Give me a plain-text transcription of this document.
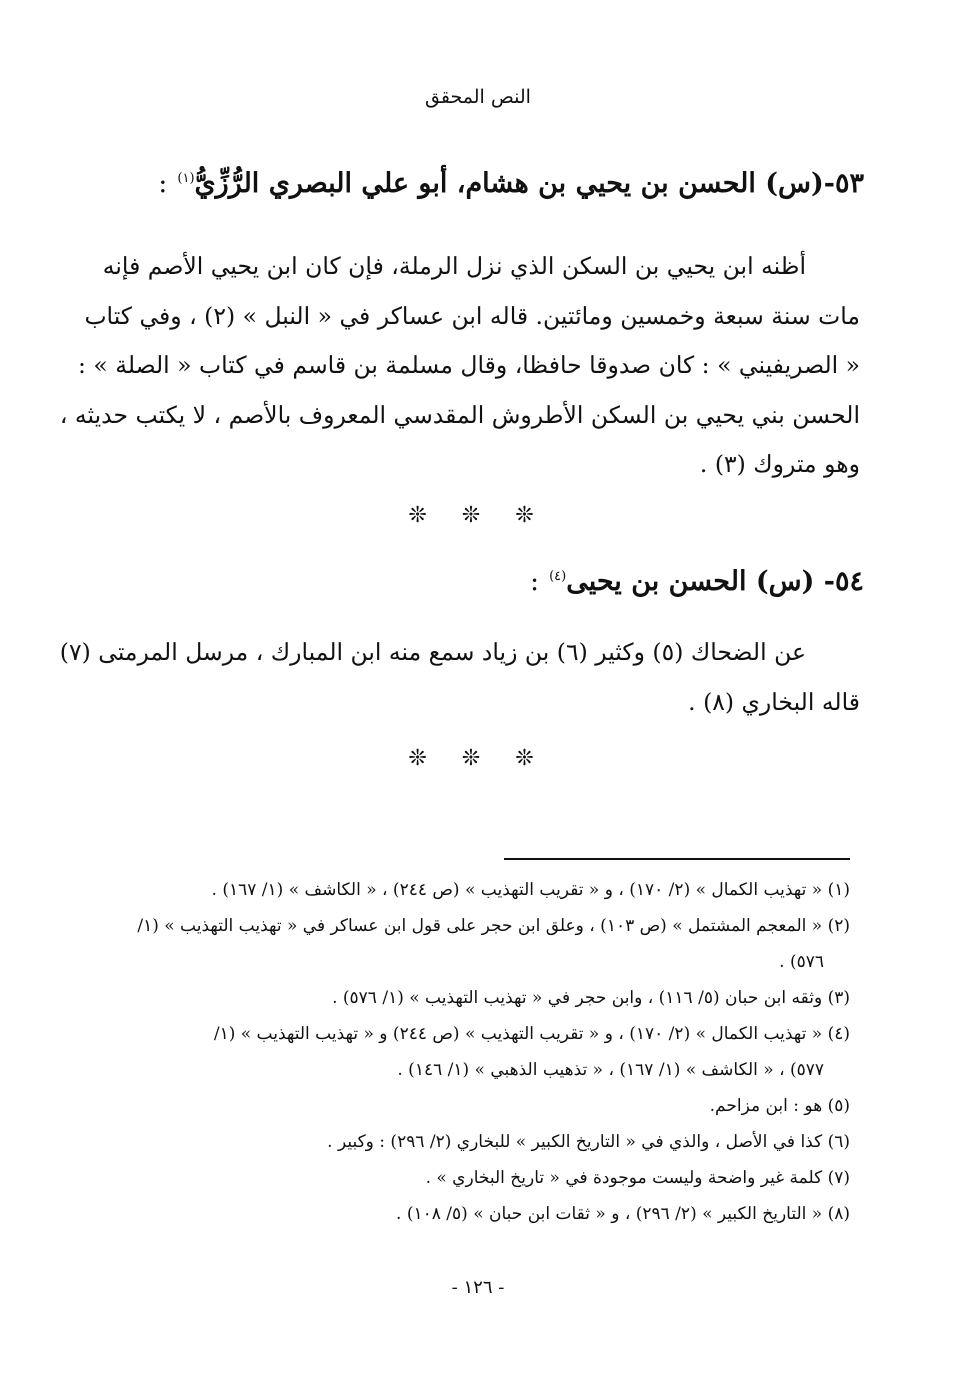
النص المحقق
٥٣-(س) الحسن بن يحيي بن هشام، أبو علي البصري الرُّزِّيُّ$^{(١)}$:
أظنه ابن يحيي بن السكن الذي نزل الرملة، فإن كان ابن يحيي الأصم فإنه
مات سنة سبعة وخمسين ومائتين. قاله ابن عساكر في « النبل » (٢) ، وفي كتاب
« الصريفيني » : كان صدوقا حافظا، وقال مسلمة بن قاسم في كتاب « الصلة » :
الحسن بني يحيي بن السكن الأطروش المقدسي المعروف بالأصم ، لا يكتب حديثه ،
وهو متروك (٣) .
❊ ❊ ❊
٥٤- (س) الحسن بن يحيى$^{(٤)}$:
عن الضحاك (٥) وكثير (٦) بن زياد سمع منه ابن المبارك ، مرسل المرمتى (٧)
قاله البخاري (٨) .
❊ ❊ ❊
(١) « تهذيب الكمال » (٢/ ١٧٠) ، و « تقريب التهذيب » (ص ٢٤٤) ، « الكاشف » (١/ ١٦٧) .
(٢) « المعجم المشتمل » (ص ١٠٣) ، وعلق ابن حجر على قول ابن عساكر في « تهذيب التهذيب » (١/
٥٧٦) .
(٣) وثقه ابن حبان (٥/ ١١٦) ، وابن حجر في « تهذيب التهذيب » (١/ ٥٧٦) .
(٤) « تهذيب الكمال » (٢/ ١٧٠) ، و « تقريب التهذيب » (ص ٢٤٤) و « تهذيب التهذيب » (١/
٥٧٧) ، « الكاشف » (١/ ١٦٧) ، « تذهيب الذهبي » (١/ ١٤٦) .
(٥) هو : ابن مزاحم.
(٦) كذا في الأصل ، والذي في « التاريخ الكبير » للبخاري (٢/ ٢٩٦) : وكبير .
(٧) كلمة غير واضحة وليست موجودة في « تاريخ البخاري » .
(٨) « التاريخ الكبير » (٢/ ٢٩٦) ، و « ثقات ابن حبان » (٥/ ١٠٨) .
- ١٢٦ -
